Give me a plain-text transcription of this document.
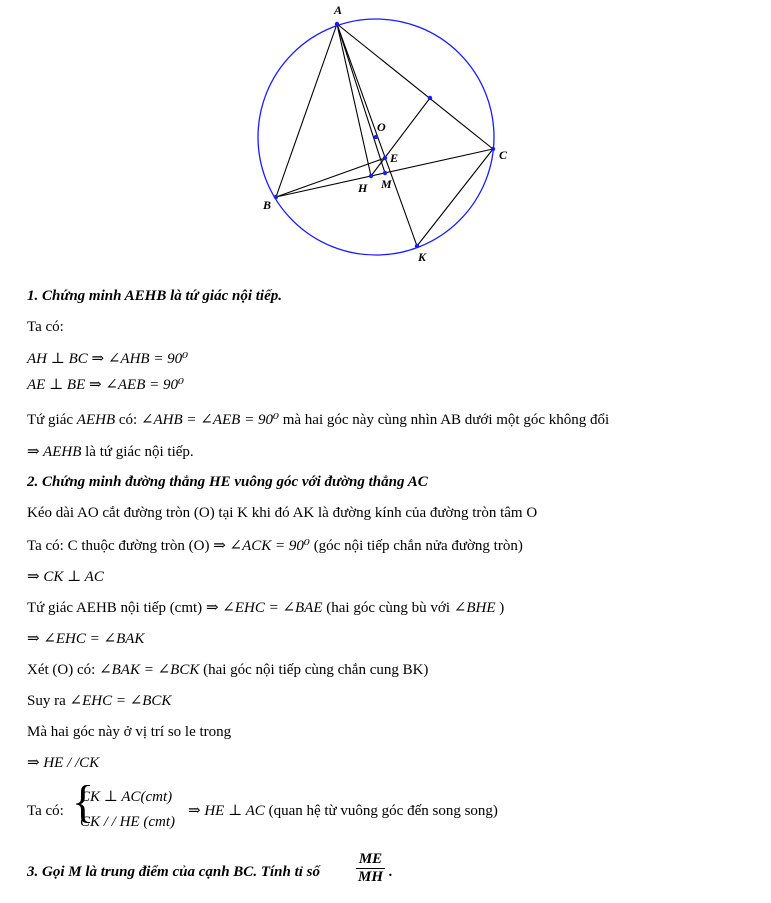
A
O
E	C
B
H M
K
1. Chứng minh AEHB là tứ giác nội tiếp.
Ta có:
AH ⊥ BC ⇒ ∠AHB = 90⁰
AE ⊥ BE ⇒ ∠AEB = 90⁰
Tứ giác AEHB có: ∠AHB = ∠AEB = 90⁰ mà hai góc này cùng nhìn AB dưới một góc không đổi
⇒ AEHB là tứ giác nội tiếp.
2. Chứng minh đường thẳng HE vuông góc với đường thẳng AC
Kéo dài AO cắt đường tròn (O) tại K khi đó AK là đường kính của đường tròn tâm O
Ta có: C thuộc đường tròn (O) ⇒ ∠ACK = 90⁰ (góc nội tiếp chắn nửa đường tròn)
⇒ CK ⊥ AC
Tứ giác AEHB nội tiếp (cmt) ⇒ ∠EHC = ∠BAE (hai góc cùng bù với ∠BHE )
⇒ ∠EHC = ∠BAK
Xét (O) có: ∠BAK = ∠BCK (hai góc nội tiếp cùng chắn cung BK)
Suy ra ∠EHC = ∠BCK
Mà hai góc này ở vị trí so le trong
⇒ HE / /CK
Ta có: {
CK ⊥ AC(cmt)
CK / / HE (cmt)
⇒ HE ⊥ AC (quan hệ từ vuông góc đến song song)
3. Gọi M là trung điểm của cạnh BC. Tính tỉ số $\frac{ME}{MH}$ .
